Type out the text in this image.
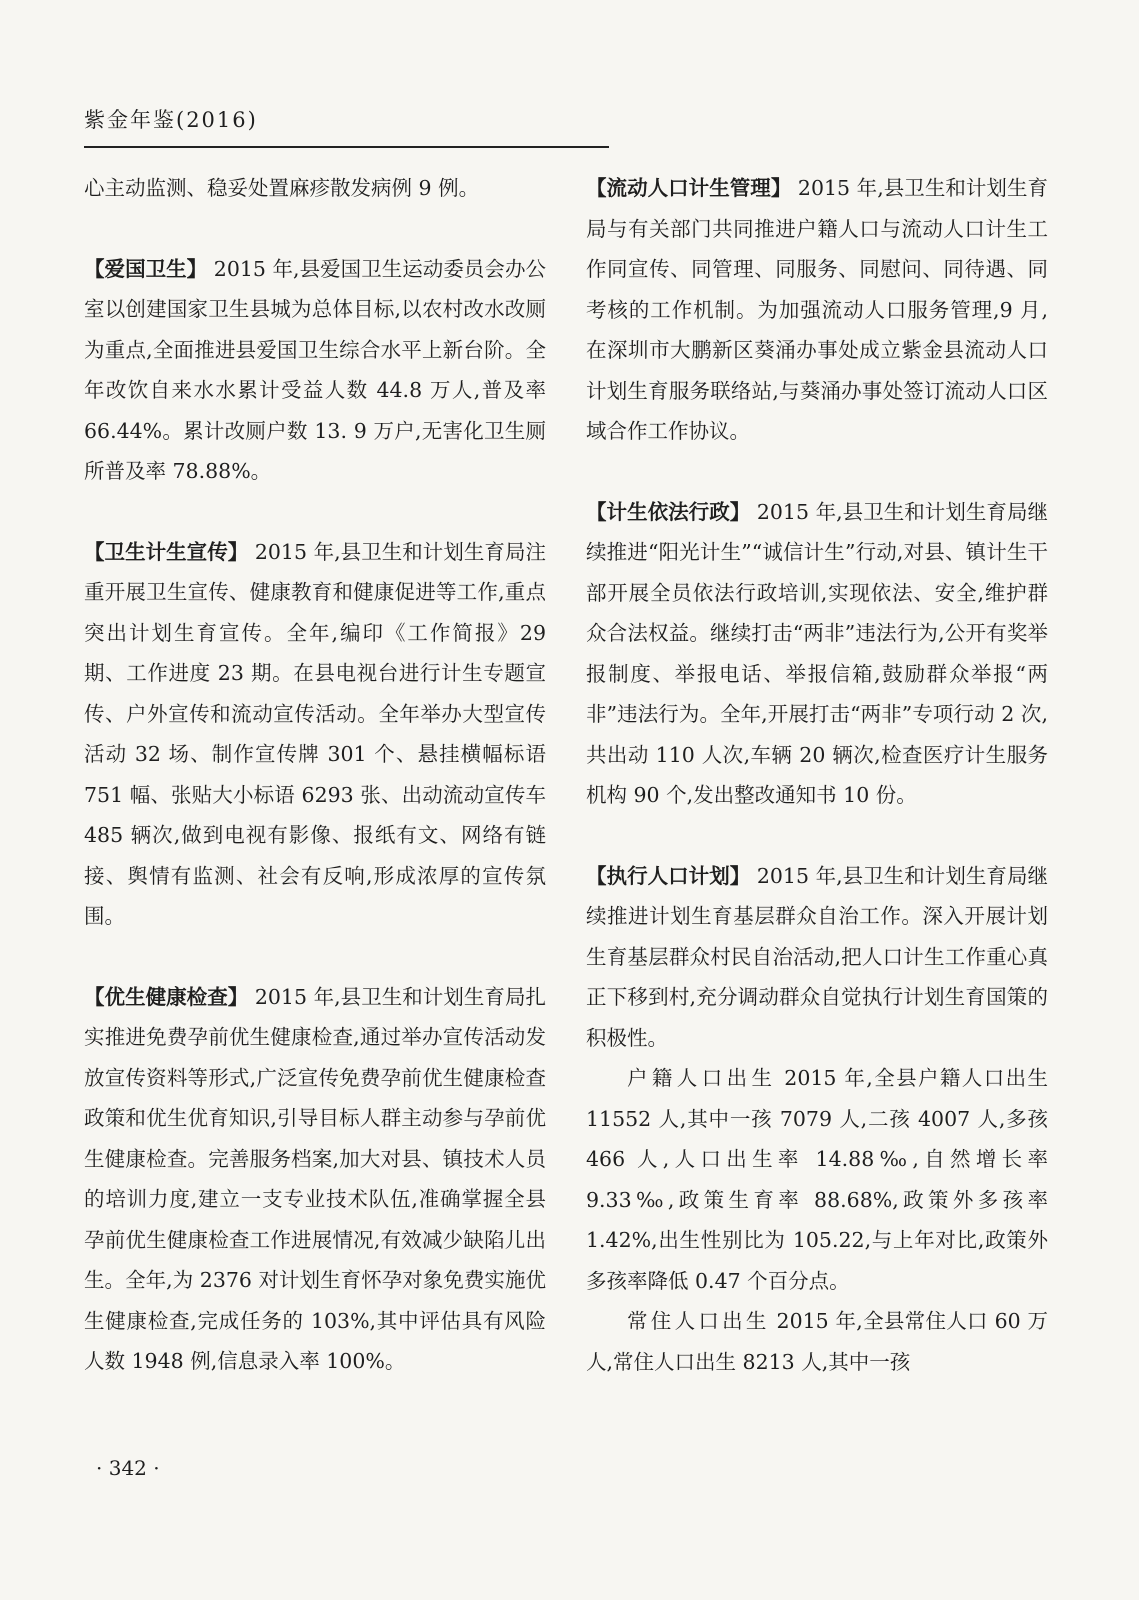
紫金年鉴(2016)

心主动监测、稳妥处置麻疹散发病例 9 例。

【爱国卫生】 2015 年,县爱国卫生运动委员会办公室以创建国家卫生县城为总体目标,以农村改水改厕为重点,全面推进县爱国卫生综合水平上新台阶。全年改饮自来水水累计受益人数 44.8 万人,普及率 66.44%。累计改厕户数 13. 9 万户,无害化卫生厕所普及率 78.88%。

【卫生计生宣传】 2015 年,县卫生和计划生育局注重开展卫生宣传、健康教育和健康促进等工作,重点突出计划生育宣传。全年,编印《工作简报》29 期、工作进度 23 期。在县电视台进行计生专题宣传、户外宣传和流动宣传活动。全年举办大型宣传活动 32 场、制作宣传牌 301 个、悬挂横幅标语 751 幅、张贴大小标语 6293 张、出动流动宣传车 485 辆次,做到电视有影像、报纸有文、网络有链接、舆情有监测、社会有反响,形成浓厚的宣传氛围。

【优生健康检查】 2015 年,县卫生和计划生育局扎实推进免费孕前优生健康检查,通过举办宣传活动发放宣传资料等形式,广泛宣传免费孕前优生健康检查政策和优生优育知识,引导目标人群主动参与孕前优生健康检查。完善服务档案,加大对县、镇技术人员的培训力度,建立一支专业技术队伍,准确掌握全县孕前优生健康检查工作进展情况,有效减少缺陷儿出生。全年,为 2376 对计划生育怀孕对象免费实施优生健康检查,完成任务的 103%,其中评估具有风险人数 1948 例,信息录入率 100%。

【流动人口计生管理】 2015 年,县卫生和计划生育局与有关部门共同推进户籍人口与流动人口计生工作同宣传、同管理、同服务、同慰问、同待遇、同考核的工作机制。为加强流动人口服务管理,9 月,在深圳市大鹏新区葵涌办事处成立紫金县流动人口计划生育服务联络站,与葵涌办事处签订流动人口区域合作工作协议。

【计生依法行政】 2015 年,县卫生和计划生育局继续推进“阳光计生”“诚信计生”行动,对县、镇计生干部开展全员依法行政培训,实现依法、安全,维护群众合法权益。继续打击“两非”违法行为,公开有奖举报制度、举报电话、举报信箱,鼓励群众举报“两非”违法行为。全年,开展打击“两非”专项行动 2 次,共出动 110 人次,车辆 20 辆次,检查医疗计生服务机构 90 个,发出整改通知书 10 份。

【执行人口计划】 2015 年,县卫生和计划生育局继续推进计划生育基层群众自治工作。深入开展计划生育基层群众村民自治活动,把人口计生工作重心真正下移到村,充分调动群众自觉执行计划生育国策的积极性。

户籍人口出生 2015 年,全县户籍人口出生 11552 人,其中一孩 7079 人,二孩 4007 人,多孩 466 人,人口出生率 14.88‰,自然增长率 9.33‰,政策生育率 88.68%,政策外多孩率 1.42%,出生性别比为 105.22,与上年对比,政策外多孩率降低 0.47 个百分点。

常住人口出生 2015 年,全县常住人口 60 万人,常住人口出生 8213 人,其中一孩

· 342 ·
